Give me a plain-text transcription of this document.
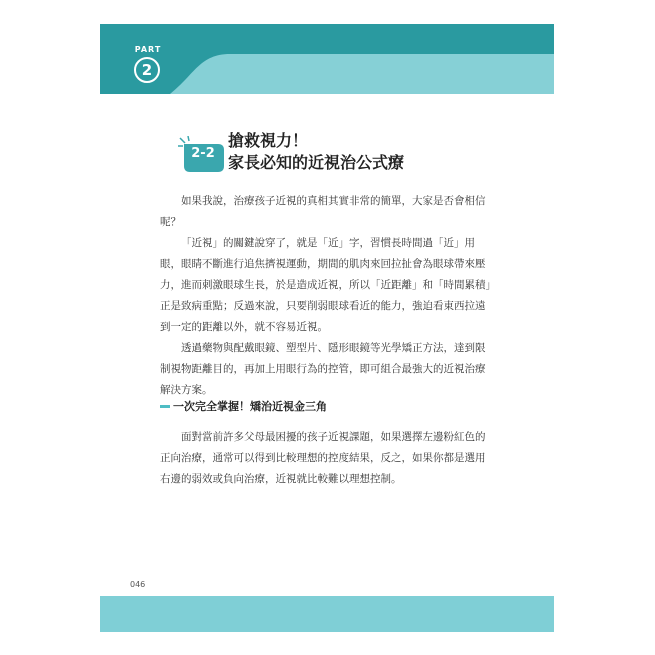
PART
2
2-2
搶救視力！
家長必知的近視治公式療

如果我說，治療孩子近視的真相其實非常的簡單，大家是否會相信呢？

「近視」的關鍵說穿了，就是「近」字，習慣長時間過「近」用眼，眼睛不斷進行追焦擠視運動，期間的肌肉來回拉扯會為眼球帶來壓力，進而刺激眼球生長，於是造成近視，所以「近距離」和「時間累積」正是致病重點；反過來說，只要削弱眼球看近的能力，強迫看東西拉遠到一定的距離以外，就不容易近視。

透過藥物與配戴眼鏡、塑型片、隱形眼鏡等光學矯正方法，達到限制視物距離目的，再加上用眼行為的控管，即可組合最強大的近視治療解決方案。

一次完全掌握！矯治近視金三角

面對當前許多父母最困擾的孩子近視課題，如果選擇左邊粉紅色的正向治療，通常可以得到比較理想的控度結果，反之，如果你都是選用右邊的弱效或負向治療，近視就比較難以理想控制。

046
